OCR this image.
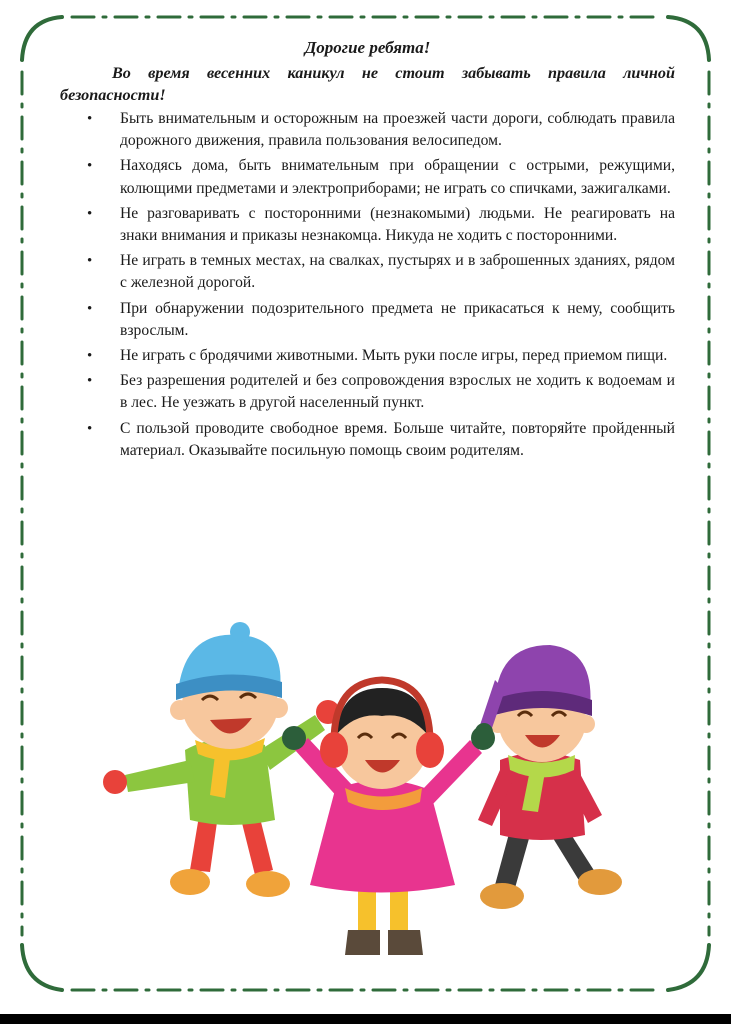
Дорогие ребята!

Во время весенних каникул не стоит забывать правила личной безопасности!

• Быть внимательным и осторожным на проезжей части дороги, соблюдать правила дорожного движения, правила пользования велосипедом.
• Находясь дома, быть внимательным при обращении с острыми, режущими, колющими предметами и электроприборами; не играть со спичками, зажигалками.
• Не разговаривать с посторонними (незнакомыми) людьми. Не реагировать на знаки внимания и приказы незнакомца. Никуда не ходить с посторонними.
• Не играть в темных местах, на свалках, пустырях и в заброшенных зданиях, рядом с железной дорогой.
• При обнаружении подозрительного предмета не прикасаться к нему, сообщить взрослым.
• Не играть с бродячими животными. Мыть руки после игры, перед приемом пищи.
• Без разрешения родителей и без сопровождения взрослых не ходить к водоемам и в лес. Не уезжать в другой населенный пункт.
• С пользой проводите свободное время. Больше читайте, повторяйте пройденный материал. Оказывайте посильную помощь своим родителям.
